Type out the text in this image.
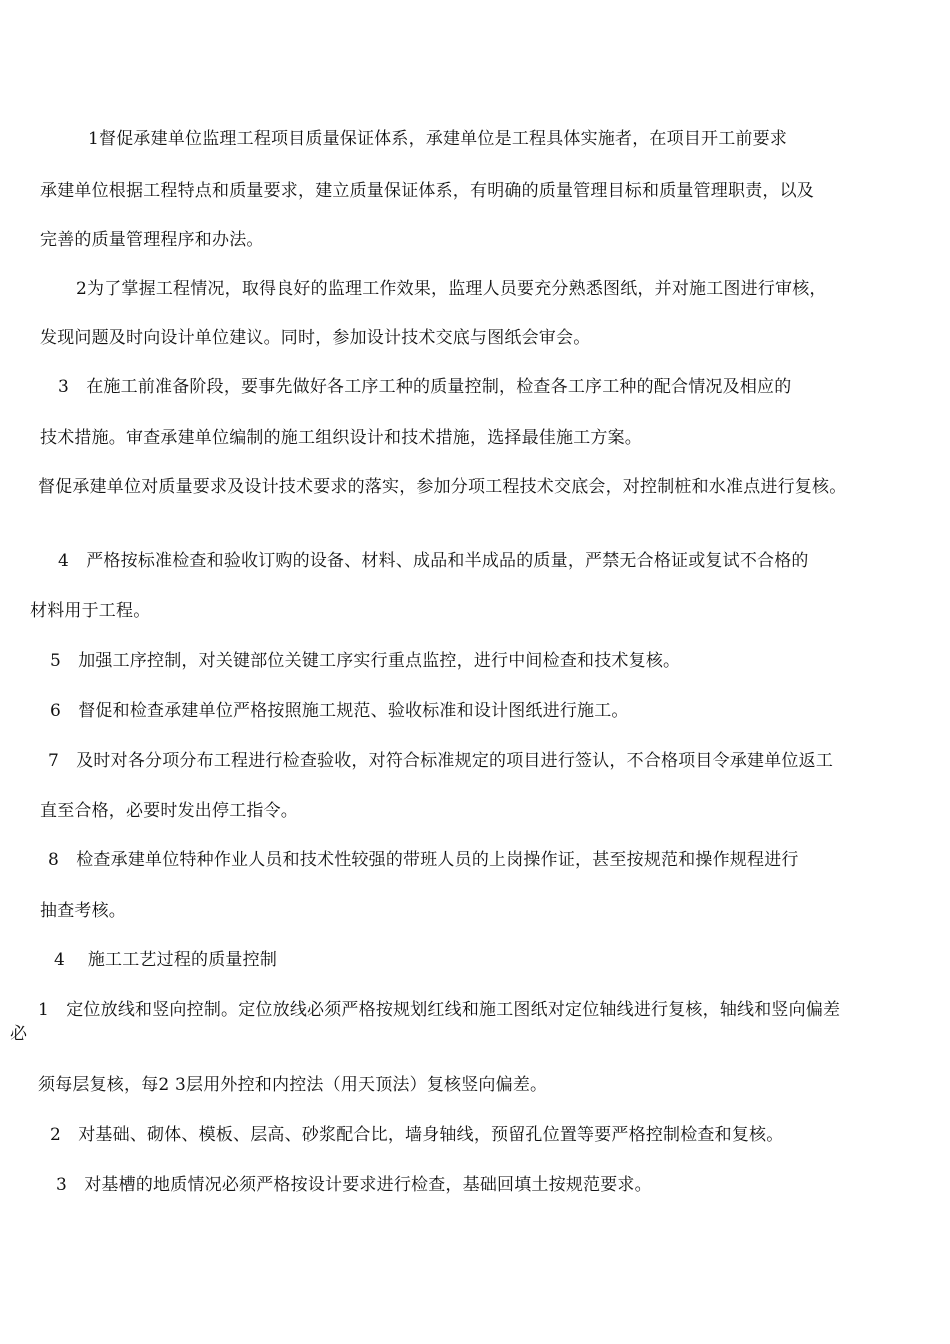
1督促承建单位监理工程项目质量保证体系，承建单位是工程具体实施者，在项目开工前要求
承建单位根据工程特点和质量要求，建立质量保证体系，有明确的质量管理目标和质量管理职责，以及
完善的质量管理程序和办法。
2为了掌握工程情况，取得良好的监理工作效果，监理人员要充分熟悉图纸，并对施工图进行审核，
发现问题及时向设计单位建议。同时，参加设计技术交底与图纸会审会。
3　在施工前准备阶段，要事先做好各工序工种的质量控制，检查各工序工种的配合情况及相应的
技术措施。审查承建单位编制的施工组织设计和技术措施，选择最佳施工方案。
督促承建单位对质量要求及设计技术要求的落实，参加分项工程技术交底会，对控制桩和水准点进行复核。
4　严格按标准检查和验收订购的设备、材料、成品和半成品的质量，严禁无合格证或复试不合格的
材料用于工程。
5　加强工序控制，对关键部位关键工序实行重点监控，进行中间检查和技术复核。
6　督促和检查承建单位严格按照施工规范、验收标准和设计图纸进行施工。
7　及时对各分项分布工程进行检查验收，对符合标准规定的项目进行签认，不合格项目令承建单位返工
直至合格，必要时发出停工指令。
8　检查承建单位特种作业人员和技术性较强的带班人员的上岗操作证，甚至按规范和操作规程进行
抽查考核。
4　 施工工艺过程的质量控制
1　定位放线和竖向控制。定位放线必须严格按规划红线和施工图纸对定位轴线进行复核，轴线和竖向偏差
必
须每层复核，每2 3层用外控和内控法（用天顶法）复核竖向偏差。
2　对基础、砌体、模板、层高、砂浆配合比，墙身轴线，预留孔位置等要严格控制检查和复核。
3　对基槽的地质情况必须严格按设计要求进行检查，基础回填土按规范要求。
